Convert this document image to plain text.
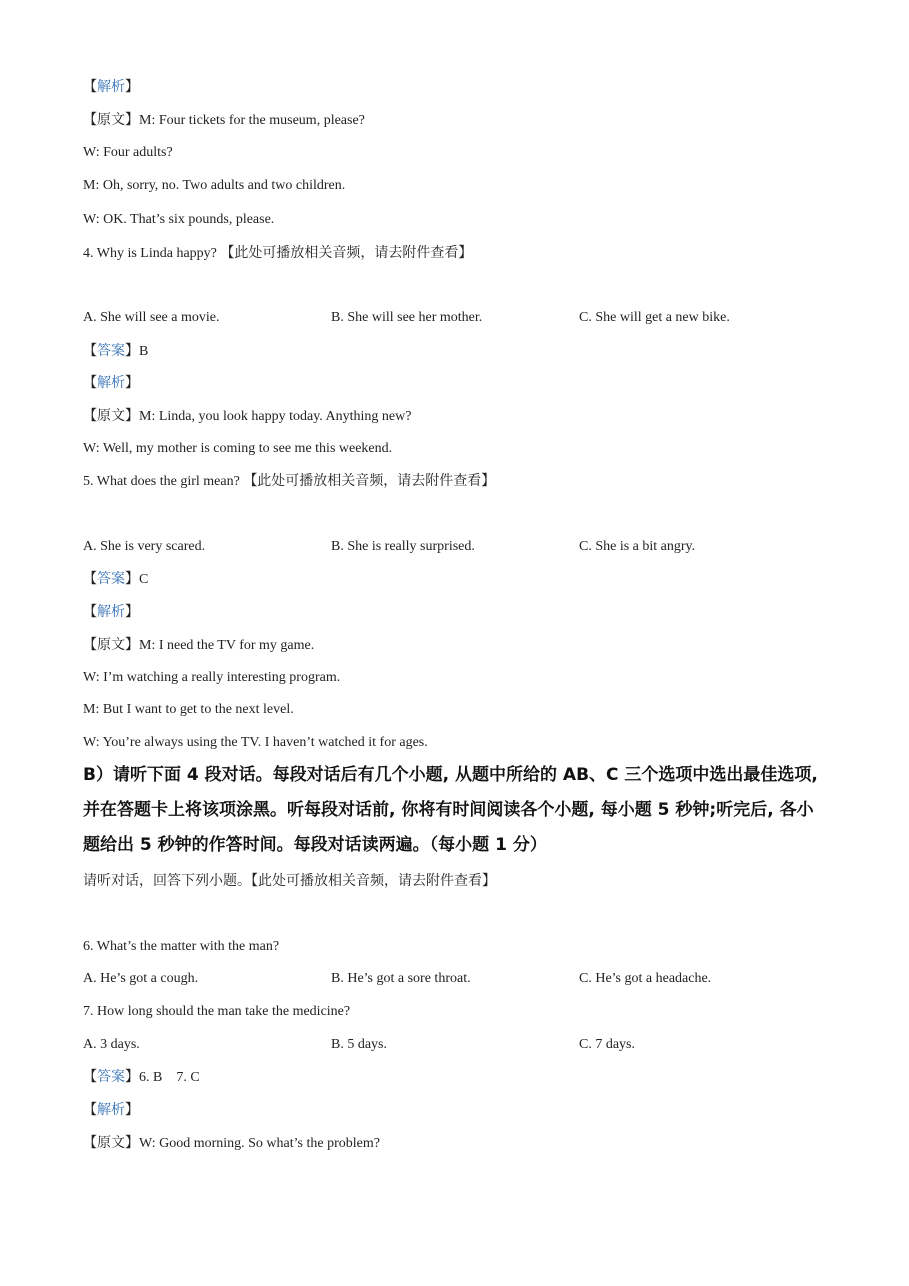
【解析】
【原文】M: Four tickets for the museum, please?
W: Four adults?
M: Oh, sorry, no. Two adults and two children.
W: OK. That’s six pounds, please.
4. Why is Linda happy? 【此处可播放相关音频，请去附件查看】
A. She will see a movie.	B. She will see her mother.	C. She will get a new bike.
【答案】B
【解析】
【原文】M: Linda, you look happy today. Anything new?
W: Well, my mother is coming to see me this weekend.
5. What does the girl mean? 【此处可播放相关音频，请去附件查看】
A. She is very scared.	B. She is really surprised.	C. She is a bit angry.
【答案】C
【解析】
【原文】M: I need the TV for my game.
W: I’m watching a really interesting program.
M: But I want to get to the next level.
W: You’re always using the TV. I haven’t watched it for ages.
B）请听下面 4 段对话。每段对话后有几个小题, 从题中所给的 AB、C 三个选项中选出最佳选项, 并在答题卡上将该项涂黑。听每段对话前, 你将有时间阅读各个小题, 每小题 5 秒钟;听完后, 各小题给出 5 秒钟的作答时间。每段对话读两遍。（每小题 1 分）
请听对话，回答下列小题。【此处可播放相关音频，请去附件查看】
6. What’s the matter with the man?
A. He’s got a cough.	B. He’s got a sore throat.	C. He’s got a headache.
7. How long should the man take the medicine?
A. 3 days.	B. 5 days.	C. 7 days.
【答案】6. B    7. C
【解析】
【原文】W: Good morning. So what’s the problem?
